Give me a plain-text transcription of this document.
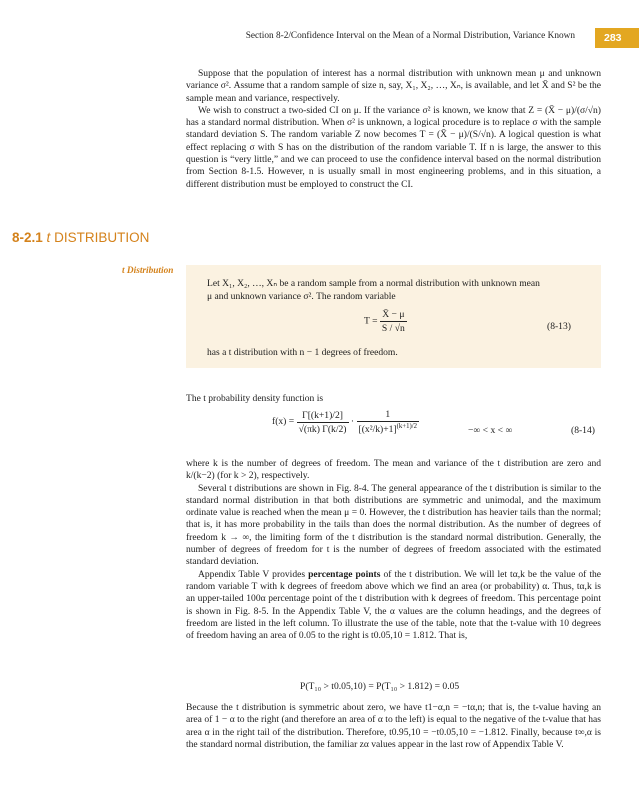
Section 8-2/Confidence Interval on the Mean of a Normal Distribution, Variance Known	283

Suppose that the population of interest has a normal distribution with unknown mean μ and unknown variance σ². Assume that a random sample of size n, say, X₁, X₂, …, Xₙ, is available, and let X̄ and S² be the sample mean and variance, respectively.

We wish to construct a two-sided CI on μ. If the variance σ² is known, we know that Z = (X̄ − μ)/(σ/√n) has a standard normal distribution. When σ² is unknown, a logical procedure is to replace σ with the sample standard deviation S. The random variable Z now becomes T = (X̄ − μ)/(S/√n). A logical question is what effect replacing σ with S has on the distribution of the random variable T. If n is large, the answer to this question is “very little,” and we can proceed to use the confidence interval based on the normal distribution from Section 8-1.5. However, n is usually small in most engineering problems, and in this situation, a different distribution must be employed to construct the CI.

8-2.1 t DISTRIBUTION
t Distribution
Let X₁, X₂, …, Xₙ be a random sample from a normal distribution with unknown mean
μ and unknown variance σ². The random variable
$T = \frac{X̄ - \mu}{S / √n}$	(8-13)
has a t distribution with n − 1 degrees of freedom.
The t probability density function is
$f(x) = \frac{\Gamma[(k+1)/2]}{√(\pi k) \Gamma(k/2)} \cdot \frac{1}{[(x^2/k)+1]^{(k+1)/2}}$	−∞ < x < ∞	(8-14)

where k is the number of degrees of freedom. The mean and variance of the t distribution are zero and k/(k−2) (for k > 2), respectively.

Several t distributions are shown in Fig. 8-4. The general appearance of the t distribution is similar to the standard normal distribution in that both distributions are symmetric and unimodal, and the maximum ordinate value is reached when the mean μ = 0. However, the t distribution has heavier tails than the normal; that is, it has more probability in the tails than does the normal distribution. As the number of degrees of freedom k → ∞, the limiting form of the t distribution is the standard normal distribution. Generally, the number of degrees of freedom for t is the number of degrees of freedom associated with the estimated standard deviation.

Appendix Table V provides percentage points of the t distribution. We will let tα,k be the value of the random variable T with k degrees of freedom above which we find an area (or probability) α. Thus, tα,k is an upper-tailed 100α percentage point of the t distribution with k degrees of freedom. This percentage point is shown in Fig. 8-5. In the Appendix Table V, the α values are the column headings, and the degrees of freedom are listed in the left column. To illustrate the use of the table, note that the t-value with 10 degrees of freedom having an area of 0.05 to the right is t0.05,10 = 1.812. That is,

P(T₁₀ > t0.05,10) = P(T₁₀ > 1.812) = 0.05

Because the t distribution is symmetric about zero, we have t1−α,n = −tα,n; that is, the t-value having an area of 1 − α to the right (and therefore an area of α to the left) is equal to the negative of the t-value that has area α in the right tail of the distribution. Therefore, t0.95,10 = −t0.05,10 = −1.812. Finally, because t∞,α is the standard normal distribution, the familiar zα values appear in the last row of Appendix Table V.
